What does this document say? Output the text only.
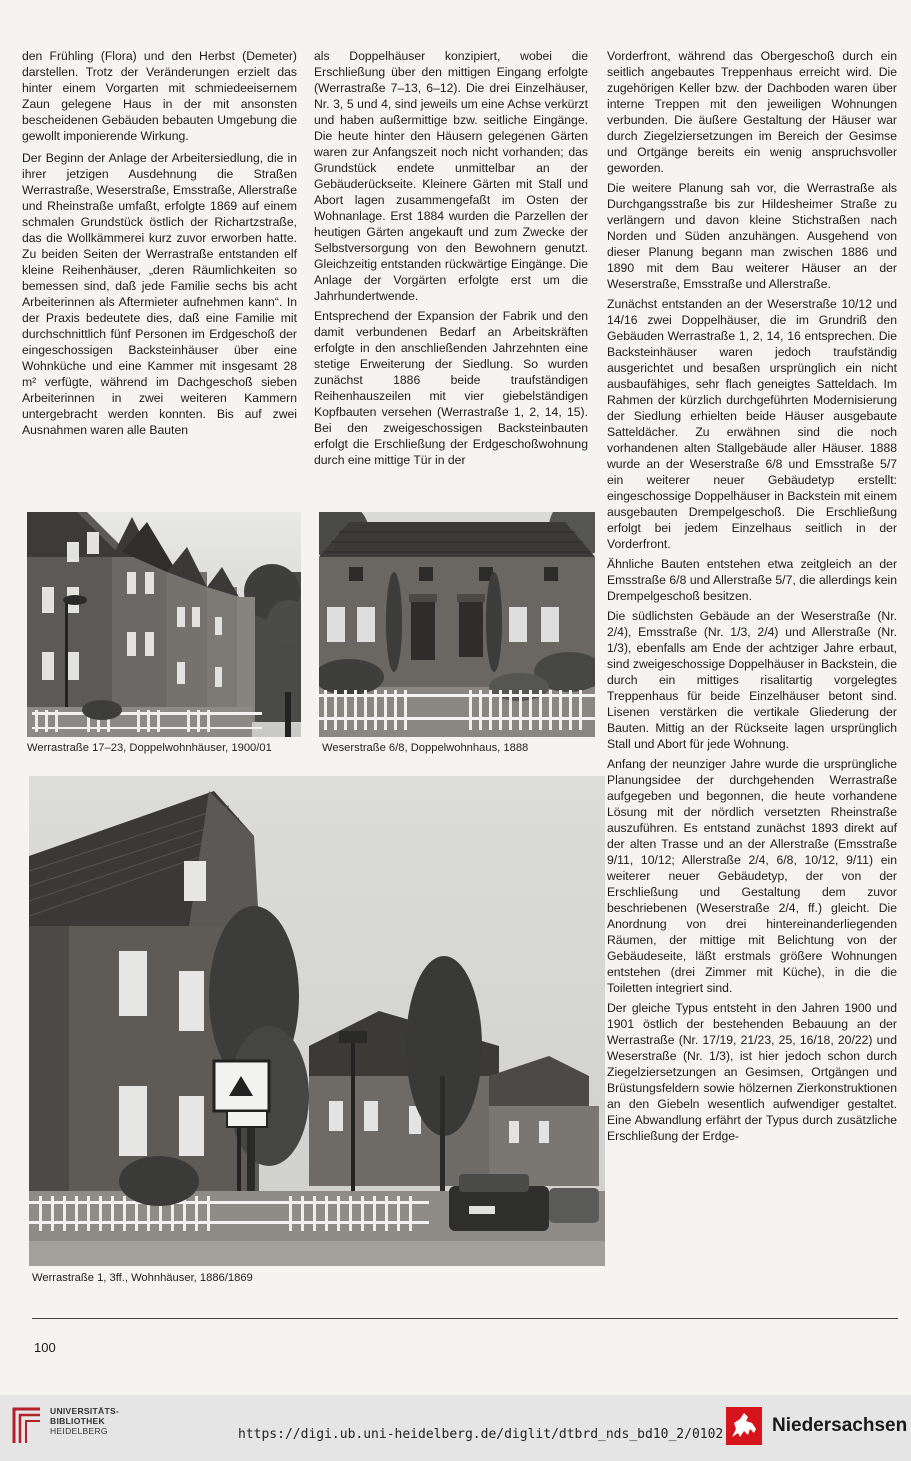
den Frühling (Flora) und den Herbst (Demeter) darstellen. Trotz der Veränderungen erzielt das hinter einem Vorgarten mit schmiedeeisernem Zaun gelegene Haus in der mit ansonsten bescheidenen Gebäuden bebauten Umgebung die gewollt imponierende Wirkung.

Der Beginn der Anlage der Arbeitersiedlung, die in ihrer jetzigen Ausdehnung die Straßen Werrastraße, Weserstraße, Emsstraße, Allerstraße und Rheinstraße umfaßt, erfolgte 1869 auf einem schmalen Grundstück östlich der Richartzstraße, das die Wollkämmerei kurz zuvor erworben hatte. Zu beiden Seiten der Werrastraße entstanden elf kleine Reihenhäuser, „deren Räumlichkeiten so bemessen sind, daß jede Familie sechs bis acht Arbeiterinnen als Aftermieter aufnehmen kann“. In der Praxis bedeutete dies, daß eine Familie mit durchschnittlich fünf Personen im Erdgeschoß der eingeschossigen Backsteinhäuser über eine Wohnküche und eine Kammer mit insgesamt 28 m² verfügte, während im Dachgeschoß sieben Arbeiterinnen in zwei weiteren Kammern untergebracht werden konnten. Bis auf zwei Ausnahmen waren alle Bauten

als Doppelhäuser konzipiert, wobei die Erschließung über den mittigen Eingang erfolgte (Werrastraße 7–13, 6–12). Die drei Einzelhäuser, Nr. 3, 5 und 4, sind jeweils um eine Achse verkürzt und haben außermittige bzw. seitliche Eingänge. Die heute hinter den Häusern gelegenen Gärten waren zur Anfangszeit noch nicht vorhanden; das Grundstück endete unmittelbar an der Gebäuderückseite. Kleinere Gärten mit Stall und Abort lagen zusammengefaßt im Osten der Wohnanlage. Erst 1884 wurden die Parzellen der heutigen Gärten angekauft und zum Zwecke der Selbstversorgung von den Bewohnern genutzt. Gleichzeitig entstanden rückwärtige Eingänge. Die Anlage der Vorgärten erfolgte erst um die Jahrhundertwende.

Entsprechend der Expansion der Fabrik und den damit verbundenen Bedarf an Arbeitskräften erfolgte in den anschließenden Jahrzehnten eine stetige Erweiterung der Siedlung. So wurden zunächst 1886 beide traufständigen Reihenhauszeilen mit vier giebelständigen Kopfbauten versehen (Werrastraße 1, 2, 14, 15). Bei den zweigeschossigen Backsteinbauten erfolgt die Erschließung der Erdgeschoßwohnung durch eine mittige Tür in der

Vorderfront, während das Obergeschoß durch ein seitlich angebautes Treppenhaus erreicht wird. Die zugehörigen Keller bzw. der Dachboden waren über interne Treppen mit den jeweiligen Wohnungen verbunden. Die äußere Gestaltung der Häuser war durch Ziegelziersetzungen im Bereich der Gesimse und Ortgänge bereits ein wenig anspruchsvoller geworden.

Die weitere Planung sah vor, die Werrastraße als Durchgangsstraße bis zur Hildesheimer Straße zu verlängern und davon kleine Stichstraßen nach Norden und Süden anzuhängen. Ausgehend von dieser Planung begann man zwischen 1886 und 1890 mit dem Bau weiterer Häuser an der Weserstraße, Emsstraße und Allerstraße.

Zunächst entstanden an der Weserstraße 10/12 und 14/16 zwei Doppelhäuser, die im Grundriß den Gebäuden Werrastraße 1, 2, 14, 16 entsprechen. Die Backsteinhäuser waren jedoch traufständig ausgerichtet und besaßen ursprünglich ein nicht ausbaufähiges, sehr flach geneigtes Satteldach. Im Rahmen der kürzlich durchgeführten Modernisierung der Siedlung erhielten beide Häuser ausgebaute Satteldächer. Zu erwähnen sind die noch vorhandenen alten Stallgebäude aller Häuser. 1888 wurde an der Weserstraße 6/8 und Emsstraße 5/7 ein weiterer neuer Gebäudetyp erstellt: eingeschossige Doppelhäuser in Backstein mit einem ausgebauten Drempelgeschoß. Die Erschließung erfolgt bei jedem Einzelhaus seitlich in der Vorderfront.

Ähnliche Bauten entstehen etwa zeitgleich an der Emsstraße 6/8 und Allerstraße 5/7, die allerdings kein Drempelgeschoß besitzen.

Die südlichsten Gebäude an der Weserstraße (Nr. 2/4), Emsstraße (Nr. 1/3, 2/4) und Allerstraße (Nr. 1/3), ebenfalls am Ende der achtziger Jahre erbaut, sind zweigeschossige Doppelhäuser in Backstein, die durch ein mittiges risalitartig vorgelegtes Treppenhaus für beide Einzelhäuser betont sind. Lisenen verstärken die vertikale Gliederung der Bauten. Mittig an der Rückseite lagen ursprünglich Stall und Abort für jede Wohnung.

Anfang der neunziger Jahre wurde die ursprüngliche Planungsidee der durchgehenden Werrastraße aufgegeben und begonnen, die heute vorhandene Lösung mit der nördlich versetzten Rheinstraße auszuführen. Es entstand zunächst 1893 direkt auf der alten Trasse und an der Allerstraße (Emsstraße 9/11, 10/12; Allerstraße 2/4, 6/8, 10/12, 9/11) ein weiterer neuer Gebäudetyp, der von der Erschließung und Gestaltung dem zuvor beschriebenen (Weserstraße 2/4, ff.) gleicht. Die Anordnung von drei hintereinanderliegenden Räumen, der mittige mit Belichtung von der Gebäudeseite, läßt erstmals größere Wohnungen entstehen (drei Zimmer mit Küche), in die die Toiletten integriert sind.

Der gleiche Typus entsteht in den Jahren 1900 und 1901 östlich der bestehenden Bebauung an der Werrastraße (Nr. 17/19, 21/23, 25, 16/18, 20/22) und Weserstraße (Nr. 1/3), ist hier jedoch schon durch Ziegelziersetzungen an Gesimsen, Ortgängen und Brüstungsfeldern sowie hölzernen Zierkonstruktionen an den Giebeln wesentlich aufwendiger gestaltet. Eine Abwandlung erfährt der Typus durch zusätzliche Erschließung der Erdge-

Werrastraße 17–23, Doppelwohnhäuser, 1900/01	Weserstraße 6/8, Doppelwohnhaus, 1888
Werrastraße 1, 3ff., Wohnhäuser, 1886/1869
100
UNIVERSITÄTS-
BIBLIOTHEK
HEIDELBERG	https://digi.ub.uni-heidelberg.de/diglit/dtbrd_nds_bd10_2/0102	Niedersachsen
